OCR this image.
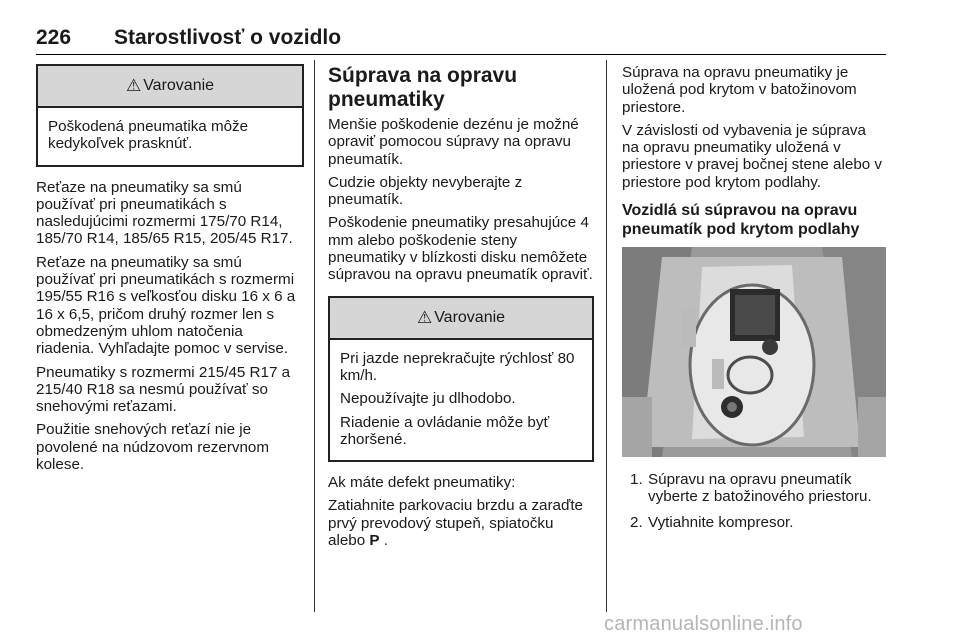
226 Starostlivosť o vozidlo
⚠ Varovanie

Poškodená pneumatika môže kedykoľvek prasknúť.

Reťaze na pneumatiky sa smú používať pri pneumatikách s nasledujúcimi rozmermi 175/70 R14, 185/70 R14, 185/65 R15, 205/45 R17.

Reťaze na pneumatiky sa smú používať pri pneumatikách s rozmermi 195/55 R16 s veľkosťou disku 16 x 6 a 16 x 6,5, pričom druhý rozmer len s obmedzeným uhlom natočenia riadenia. Vyhľadajte pomoc v servise.

Pneumatiky s rozmermi 215/45 R17 a 215/40 R18 sa nesmú používať so snehovými reťazami.

Použitie snehových reťazí nie je povolené na núdzovom rezervnom kolese.

Súprava na opravu pneumatiky

Menšie poškodenie dezénu je možné opraviť pomocou súpravy na opravu pneumatík.

Cudzie objekty nevyberajte z pneumatík.

Poškodenie pneumatiky presahujúce 4 mm alebo poškodenie steny pneumatiky v blízkosti disku nemôžete súpravou na opravu pneumatík opraviť.

⚠ Varovanie

Pri jazde neprekračujte rýchlosť 80 km/h.

Nepoužívajte ju dlhodobo.

Riadenie a ovládanie môže byť zhoršené.

Ak máte defekt pneumatiky:

Zatiahnite parkovaciu brzdu a zaraďte prvý prevodový stupeň, spiatočku alebo P .

Súprava na opravu pneumatiky je uložená pod krytom v batožinovom priestore.

V závislosti od vybavenia je súprava na opravu pneumatiky uložená v priestore v pravej bočnej stene alebo v priestore pod krytom podlahy.

Vozidlá sú súpravou na opravu pneumatík pod krytom podlahy
1. Súpravu na opravu pneumatík vyberte z batožinového priestoru.
2. Vytiahnite kompresor.
carmanualsonline.info
